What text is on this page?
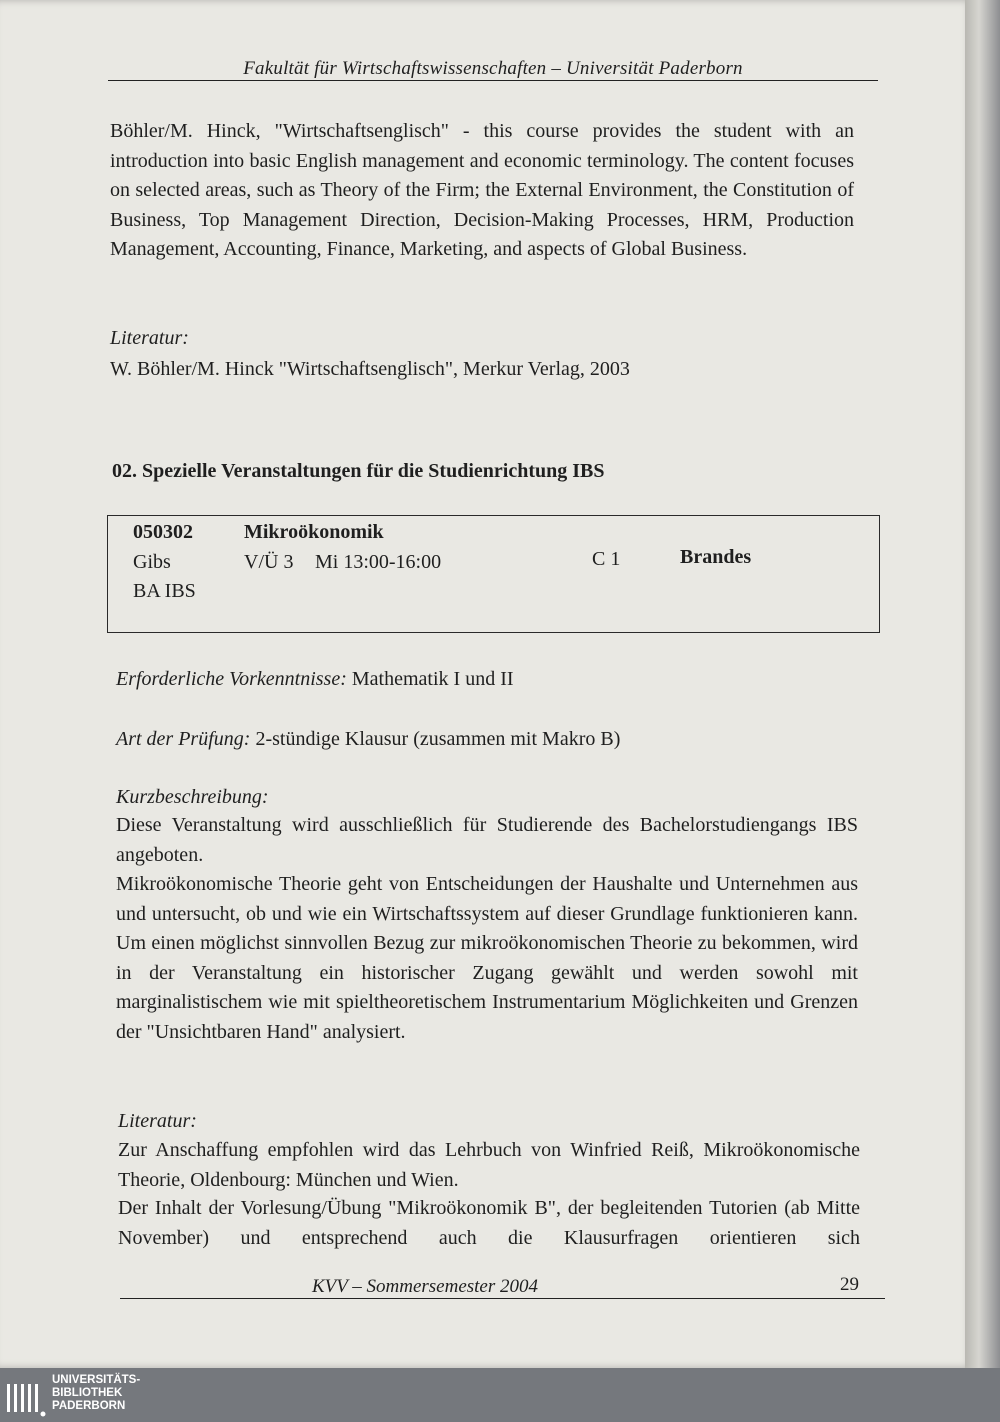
Fakultät für Wirtschaftswissenschaften – Universität Paderborn
Böhler/M. Hinck, "Wirtschaftsenglisch" - this course provides the student with an introduction into basic English management and economic terminology. The content focuses on selected areas, such as Theory of the Firm; the External Environment, the Constitution of Business, Top Management Direction, Decision-Making Processes, HRM, Production Management, Accounting, Finance, Marketing, and aspects of Global Business.
Literatur:
W. Böhler/M. Hinck "Wirtschaftsenglisch", Merkur Verlag, 2003
02. Spezielle Veranstaltungen für die Studienrichtung IBS
050302	Mikroökonomik
Gibs	V/Ü 3 Mi 13:00-16:00	C 1	Brandes
BA IBS
Erforderliche Vorkenntnisse: Mathematik I und II
Art der Prüfung: 2-stündige Klausur (zusammen mit Makro B)
Kurzbeschreibung:
Diese Veranstaltung wird ausschließlich für Studierende des Bachelorstudiengangs IBS angeboten.
Mikroökonomische Theorie geht von Entscheidungen der Haushalte und Unternehmen aus und untersucht, ob und wie ein Wirtschaftssystem auf dieser Grundlage funktionieren kann. Um einen möglichst sinnvollen Bezug zur mikroökonomischen Theorie zu bekommen, wird in der Veranstaltung ein historischer Zugang gewählt und werden sowohl mit marginalistischem wie mit spieltheoretischem Instrumentarium Möglichkeiten und Grenzen der "Unsichtbaren Hand" analysiert.
Literatur:
Zur Anschaffung empfohlen wird das Lehrbuch von Winfried Reiß, Mikroökonomische Theorie, Oldenbourg: München und Wien.
Der Inhalt der Vorlesung/Übung "Mikroökonomik B", der begleitenden Tutorien (ab Mitte November) und entsprechend auch die Klausurfragen orientieren sich
KVV – Sommersemester 2004	29
UNIVERSITÄTS-
BIBLIOTHEK
PADERBORN
